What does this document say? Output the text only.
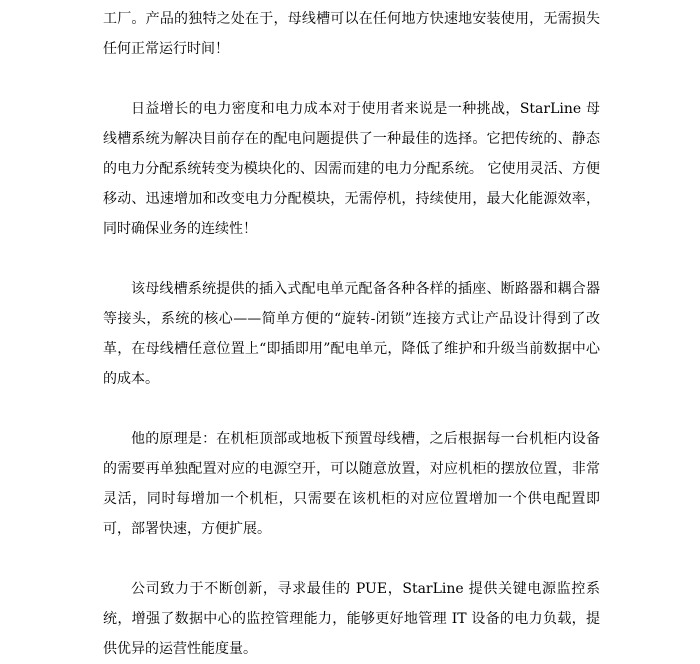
工厂。产品的独特之处在于，母线槽可以在任何地方快速地安装使用，无需损失任何正常运行时间！

日益增长的电力密度和电力成本对于使用者来说是一种挑战，StarLine 母线槽系统为解决目前存在的配电问题提供了一种最佳的选择。它把传统的、静态的电力分配系统转变为模块化的、因需而建的电力分配系统。 它使用灵活、方便移动、迅速增加和改变电力分配模块，无需停机，持续使用，最大化能源效率，同时确保业务的连续性！

该母线槽系统提供的插入式配电单元配备各种各样的插座、断路器和耦合器等接头，系统的核心——简单方便的“旋转-闭锁”连接方式让产品设计得到了改革，在母线槽任意位置上“即插即用”配电单元，降低了维护和升级当前数据中心的成本。

他的原理是：在机柜顶部或地板下预置母线槽，之后根据每一台机柜内设备的需要再单独配置对应的电源空开，可以随意放置，对应机柜的摆放位置，非常灵活，同时每增加一个机柜，只需要在该机柜的对应位置增加一个供电配置即可，部署快速，方便扩展。

公司致力于不断创新，寻求最佳的 PUE，StarLine 提供关键电源监控系统，增强了数据中心的监控管理能力，能够更好地管理 IT 设备的电力负载，提供优异的运营性能度量。
